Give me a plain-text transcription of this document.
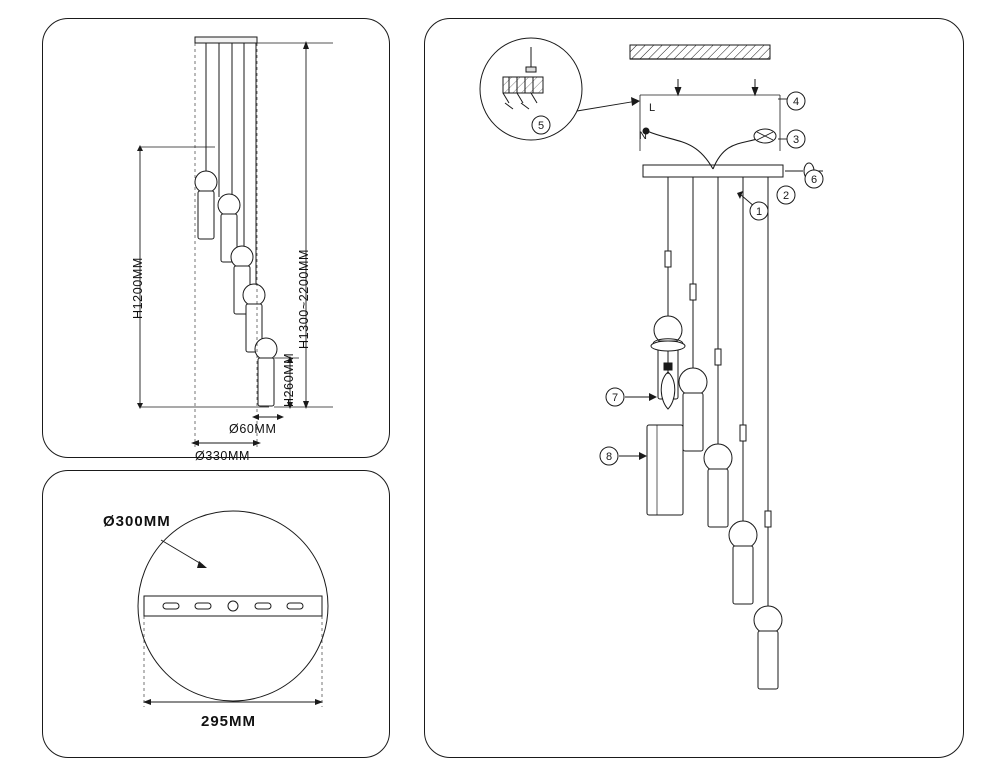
H1200MM	H1300~2200MM
H260MM
Ø60MM
Ø330MM
Ø300MM
295MM
1
2
3
4
5
6
7
8
N
L
